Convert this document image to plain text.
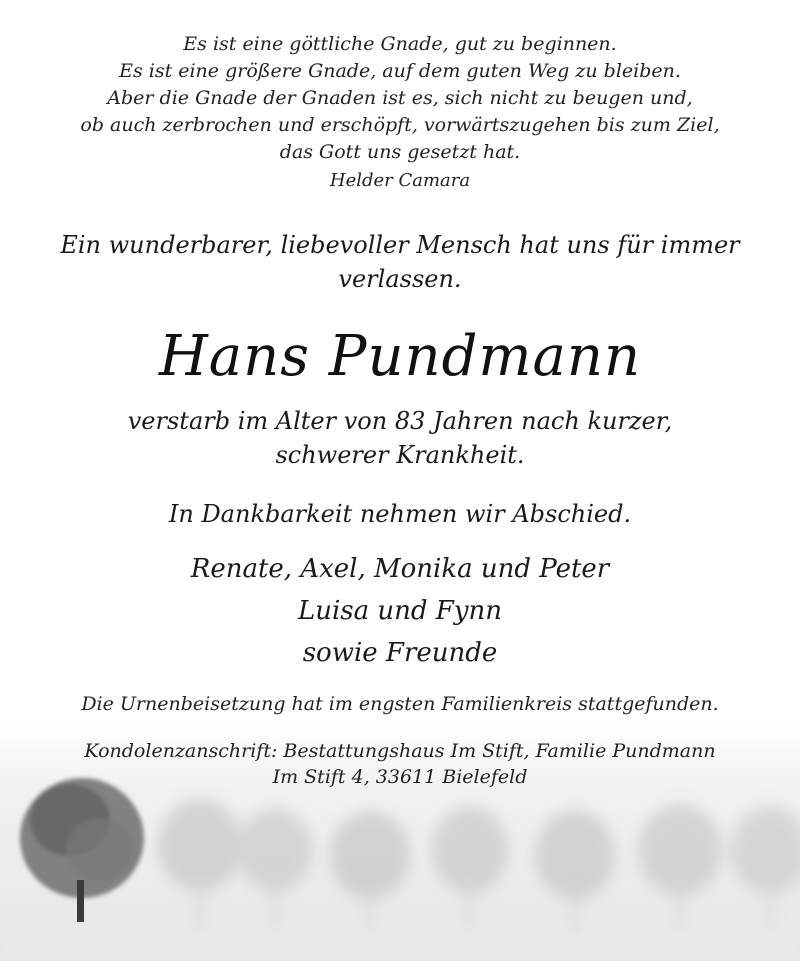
Es ist eine göttliche Gnade, gut zu beginnen.
Es ist eine größere Gnade, auf dem guten Weg zu bleiben.
Aber die Gnade der Gnaden ist es, sich nicht zu beugen und,
ob auch zerbrochen und erschöpft, vorwärtszugehen bis zum Ziel,
das Gott uns gesetzt hat.
Helder Camara
Ein wunderbarer, liebevoller Mensch hat uns für immer
verlassen.
Hans Pundmann
verstarb im Alter von 83 Jahren nach kurzer,
schwerer Krankheit.
In Dankbarkeit nehmen wir Abschied.
Renate, Axel, Monika und Peter
Luisa und Fynn
sowie Freunde
Die Urnenbeisetzung hat im engsten Familienkreis stattgefunden.
Kondolenzanschrift: Bestattungshaus Im Stift, Familie Pundmann
Im Stift 4, 33611 Bielefeld
